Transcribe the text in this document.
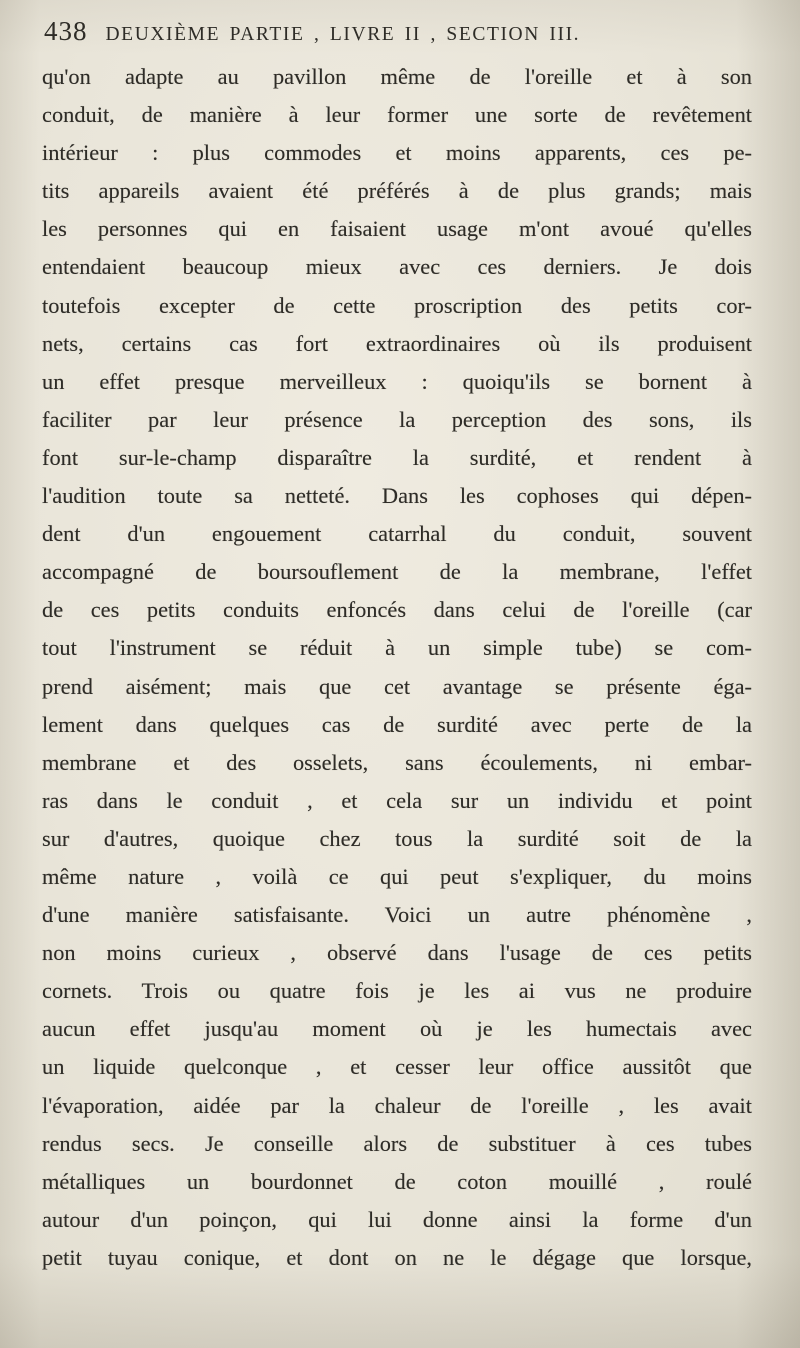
438 DEUXIÈME PARTIE , LIVRE II , SECTION III.
qu'on adapte au pavillon même de l'oreille et à son
conduit, de manière à leur former une sorte de revêtement
intérieur : plus commodes et moins apparents, ces pe-
tits appareils avaient été préférés à de plus grands; mais
les personnes qui en faisaient usage m'ont avoué qu'elles
entendaient beaucoup mieux avec ces derniers. Je dois
toutefois excepter de cette proscription des petits cor-
nets, certains cas fort extraordinaires où ils produisent
un effet presque merveilleux : quoiqu'ils se bornent à
faciliter par leur présence la perception des sons, ils
font sur-le-champ disparaître la surdité, et rendent à
l'audition toute sa netteté. Dans les cophoses qui dépen-
dent d'un engouement catarrhal du conduit, souvent
accompagné de boursouflement de la membrane, l'effet
de ces petits conduits enfoncés dans celui de l'oreille (car
tout l'instrument se réduit à un simple tube) se com-
prend aisément; mais que cet avantage se présente éga-
lement dans quelques cas de surdité avec perte de la
membrane et des osselets, sans écoulements, ni embar-
ras dans le conduit , et cela sur un individu et point
sur d'autres, quoique chez tous la surdité soit de la
même nature , voilà ce qui peut s'expliquer, du moins
d'une manière satisfaisante. Voici un autre phénomène ,
non moins curieux , observé dans l'usage de ces petits
cornets. Trois ou quatre fois je les ai vus ne produire
aucun effet jusqu'au moment où je les humectais avec
un liquide quelconque , et cesser leur office aussitôt que
l'évaporation, aidée par la chaleur de l'oreille , les avait
rendus secs. Je conseille alors de substituer à ces tubes
métalliques un bourdonnet de coton mouillé , roulé
autour d'un poinçon, qui lui donne ainsi la forme d'un
petit tuyau conique, et dont on ne le dégage que lorsque,
